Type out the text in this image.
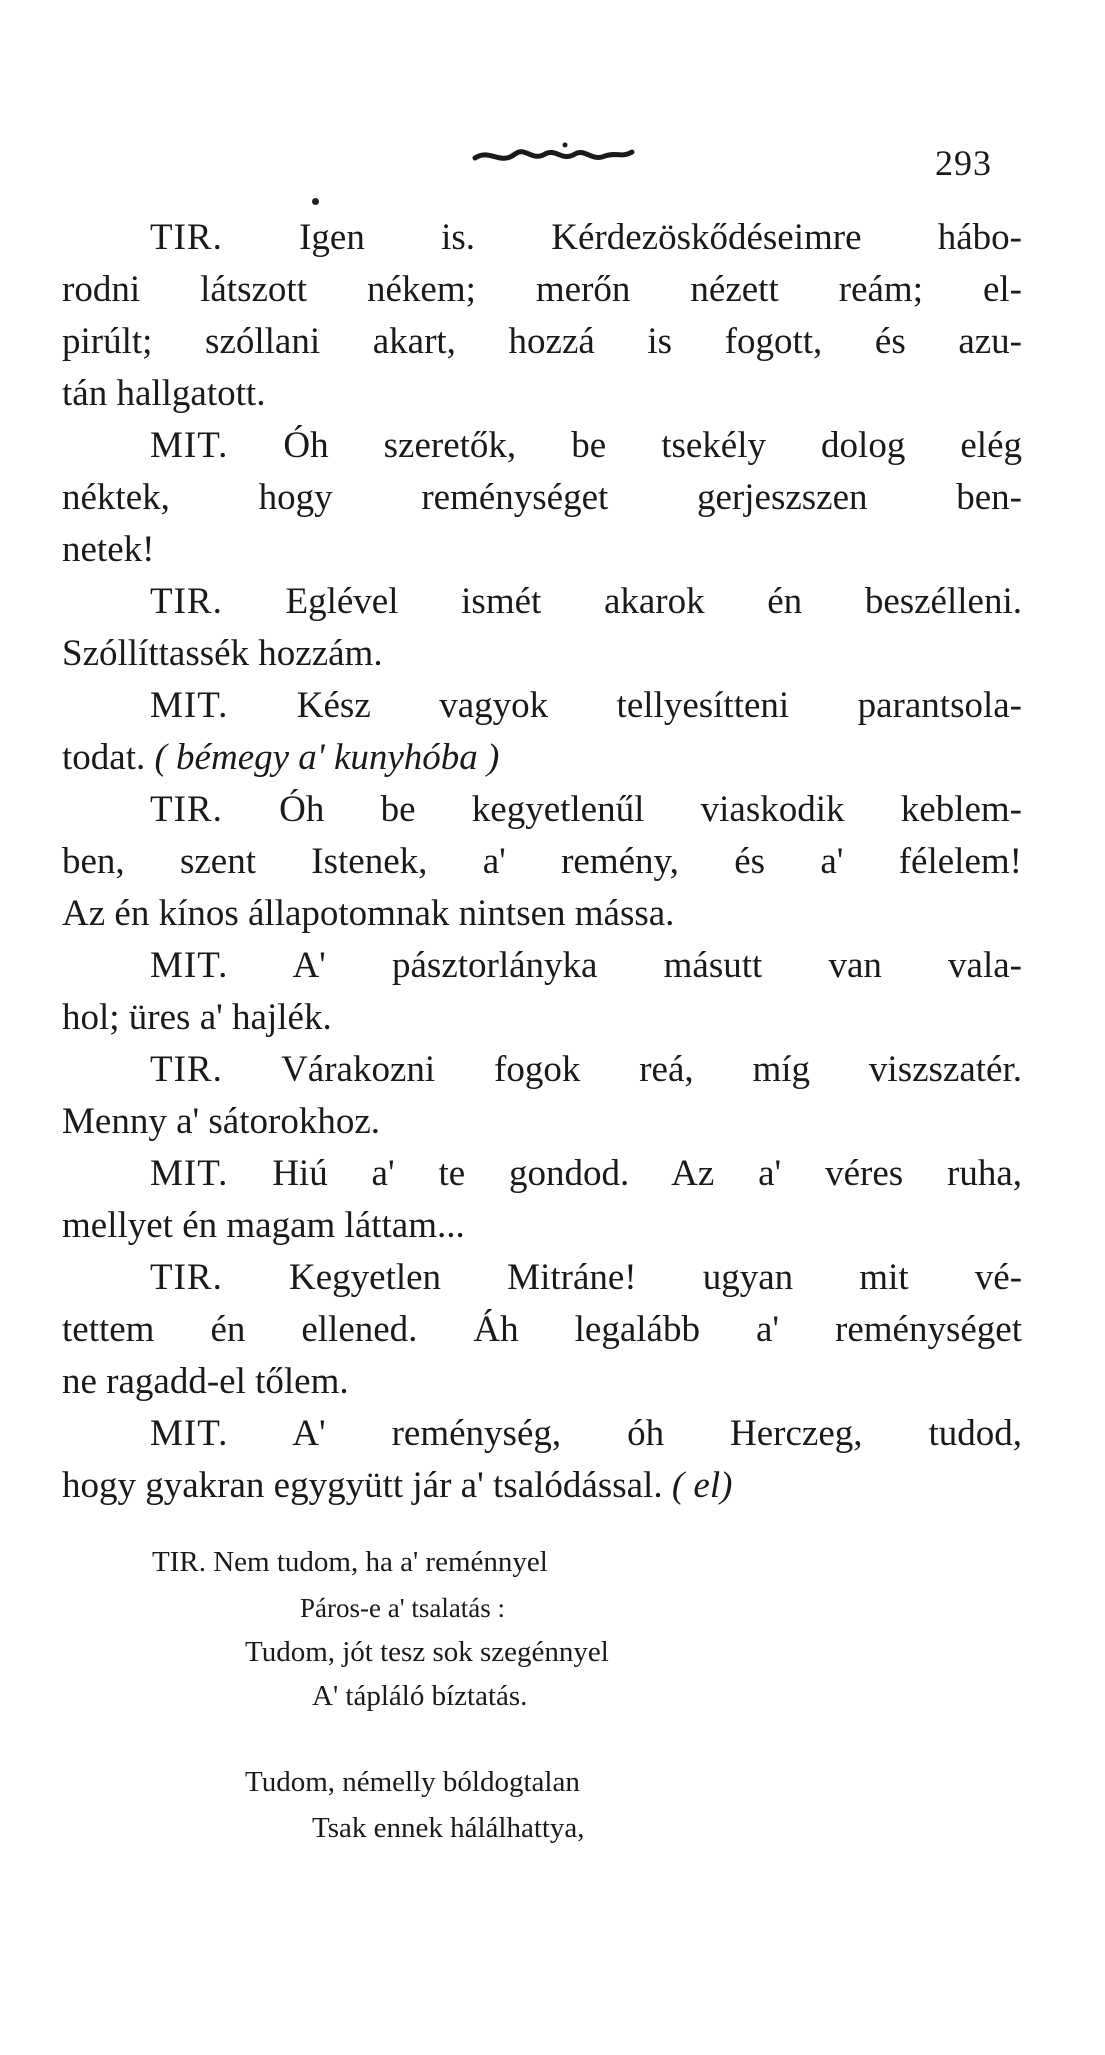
293
TIR. Igen is. Kérdezöskődéseimre hábo-
rodni látszott nékem; merőn nézett reám; el-
pirúlt; szóllani akart, hozzá is fogott, és azu-
tán hallgatott.
MIT. Óh szeretők, be tsekély dolog elég
néktek, hogy reménységet gerjeszszen ben-
netek!
TIR. Eglével ismét akarok én beszélleni.
Szóllíttassék hozzám.
MIT. Kész vagyok tellyesítteni parantsola-
todat. ( bémegy a' kunyhóba )
TIR. Óh be kegyetlenűl viaskodik keblem-
ben, szent Istenek, a' remény, és a' félelem!
Az én kínos állapotomnak nintsen mássa.
MIT. A' pásztorlányka másutt van vala-
hol; üres a' hajlék.
TIR. Várakozni fogok reá, míg viszszatér.
Menny a' sátorokhoz.
MIT. Hiú a' te gondod. Az a' véres ruha,
mellyet én magam láttam...
TIR. Kegyetlen Mitráne! ugyan mit vé-
tettem én ellened. Áh legalább a' reménységet
ne ragadd-el tőlem.
MIT. A' reménység, óh Herczeg, tudod,
hogy gyakran egygyütt jár a' tsalódással. ( el)
TIR. Nem tudom, ha a' reménnyel
Páros-e a' tsalatás :
Tudom, jót tesz sok szegénnyel
A' tápláló bíztatás.
Tudom, némelly bóldogtalan
Tsak ennek hálálhattya,
